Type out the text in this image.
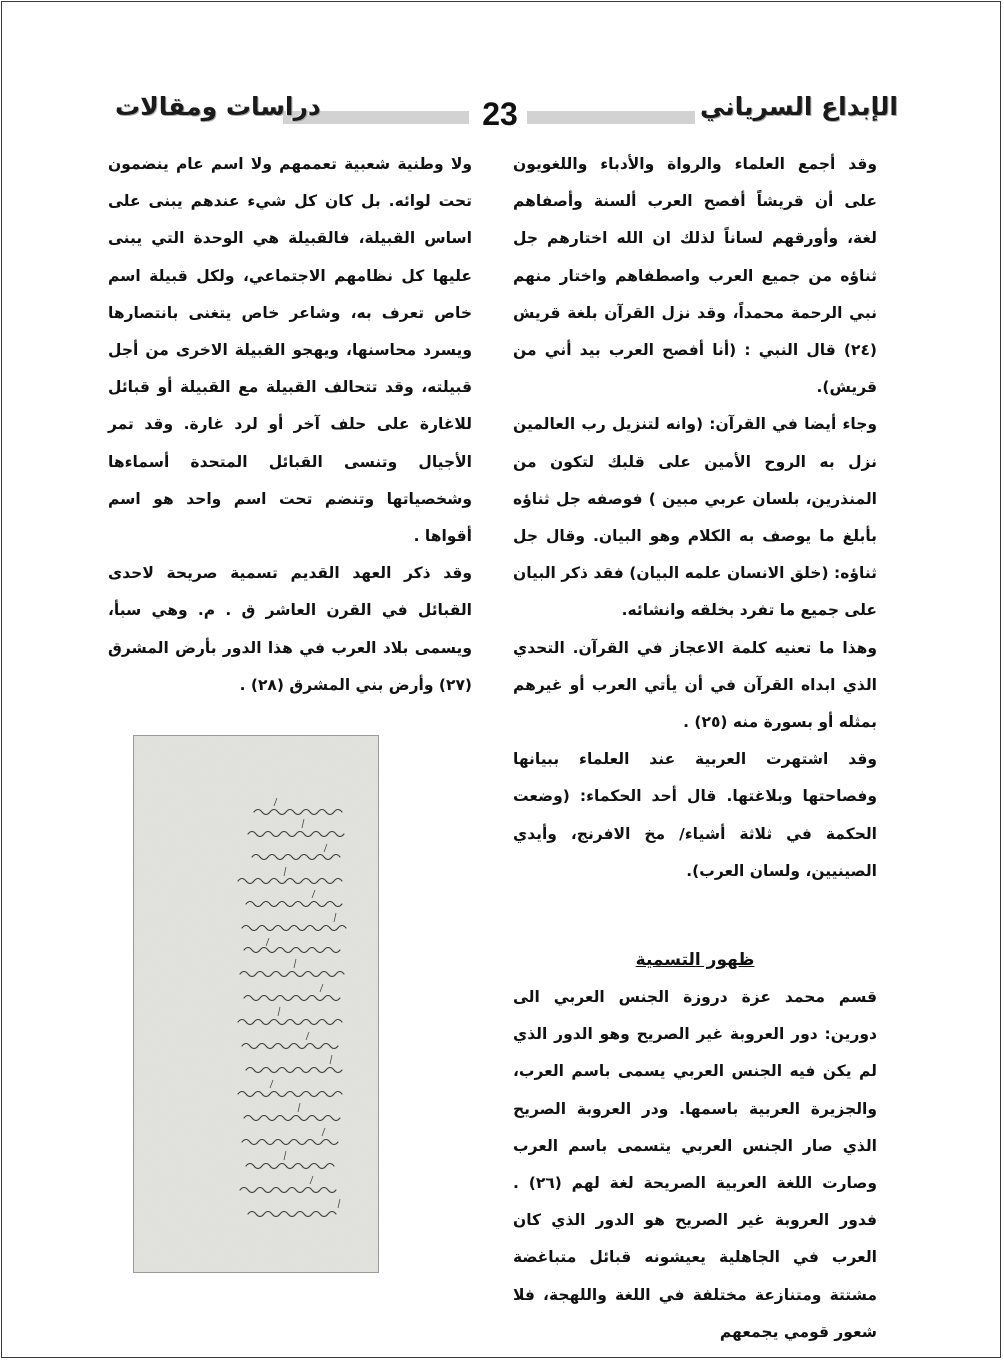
دراسات ومقالات	23	الإبداع السرياني

وقد أجمع العلماء والرواة والأدباء واللغويون على أن قريشاً أفصح العرب ألسنة وأصفاهم لغة، وأورقهم لساناً لذلك ان الله اختارهم جل ثناؤه من جميع العرب واصطفاهم واختار منهم نبي الرحمة محمداً، وقد نزل القرآن بلغة قريش (٢٤) قال النبي : (أنا أفصح العرب بيد أني من قريش).

وجاء أيضا في القرآن: (وانه لتنزيل رب العالمين نزل به الروح الأمين على قلبك لتكون من المنذرين، بلسان عربي مبين ) فوصفه جل ثناؤه بأبلغ ما يوصف به الكلام وهو البيان. وقال جل ثناؤه: (خلق الانسان علمه البيان) فقد ذكر البيان على جميع ما تفرد بخلقه وانشائه.

وهذا ما تعنيه كلمة الاعجاز في القرآن. التحدي الذي ابداه القرآن في أن يأتي العرب أو غيرهم بمثله أو بسورة منه (٢٥) .

وقد اشتهرت العربية عند العلماء ببيانها وفصاحتها وبلاغتها. قال أحد الحكماء: (وضعت الحكمة في ثلاثة أشياء/ مخ الافرنج، وأيدي الصينيين، ولسان العرب).

ظهور التسمية

قسم محمد عزة دروزة الجنس العربي الى دورين: دور العروبة غير الصريح وهو الدور الذي لم يكن فيه الجنس العربي يسمى باسم العرب، والجزيرة العربية باسمها. ودر العروبة الصريح الذي صار الجنس العربي يتسمى باسم العرب وصارت اللغة العربية الصريحة لغة لهم (٢٦) . فدور العروبة غير الصريح هو الدور الذي كان العرب في الجاهلية يعيشونه قبائل متباغضة مشتتة ومتنازعة مختلفة في اللغة واللهجة، فلا شعور قومي يجمعهم

ولا وطنية شعبية تعممهم ولا اسم عام ينضمون تحت لوائه. بل كان كل شيء عندهم يبنى على اساس القبيلة، فالقبيلة هي الوحدة التي يبنى عليها كل نظامهم الاجتماعي، ولكل قبيلة اسم خاص تعرف به، وشاعر خاص يتغنى بانتصارها ويسرد محاسنها، ويهجو القبيلة الاخرى من أجل قبيلته، وقد تتحالف القبيلة مع القبيلة أو قبائل للاغارة على حلف آخر أو لرد غارة. وقد تمر الأجيال وتنسى القبائل المتحدة أسماءها وشخصياتها وتنضم تحت اسم واحد هو اسم أقواها .

وقد ذكر العهد القديم تسمية صريحة لاحدى القبائل في القرن العاشر ق . م. وهي سبأ، ويسمى بلاد العرب في هذا الدور بأرض المشرق (٢٧) وأرض بني المشرق (٢٨) .
